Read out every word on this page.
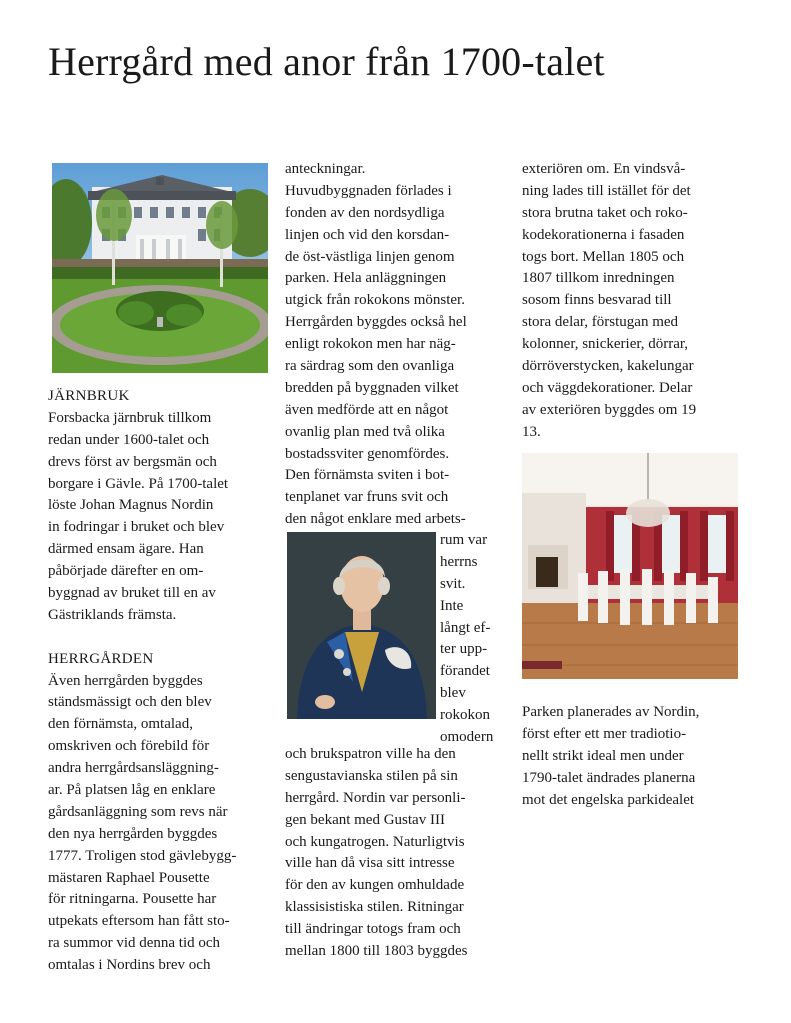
Herrgård med anor från 1700-talet
JÄRNBRUK
Forsbacka järnbruk tillkom
redan under 1600-talet och
drevs först av bergsmän och
borgare i Gävle. På 1700-talet
löste Johan Magnus Nordin
in fodringar i bruket och blev
därmed ensam ägare. Han
påbörjade därefter en om-
byggnad av bruket till en av
Gästriklands främsta.
HERRGÅRDEN
Även herrgården byggdes
ständsmässigt och den blev
den förnämsta, omtalad,
omskriven och förebild för
andra herrgårdsansläggning-
ar. På platsen låg en enklare
gårdsanläggning som revs när
den nya herrgården byggdes
1777. Troligen stod gävlebygg-
mästaren Raphael Pousette
för ritningarna. Pousette har
utpekats eftersom han fått sto-
ra summor vid denna tid och
omtalas i Nordins brev och
anteckningar.
Huvudbyggnaden förlades i
fonden av den nordsydliga
linjen och vid den korsdan-
de öst-västliga linjen genom
parken. Hela anläggningen
utgick från rokokons mönster.
Herrgården byggdes också hel
enligt rokokon men har näg-
ra särdrag som den ovanliga
bredden på byggnaden vilket
även medförde att en något
ovanlig plan med två olika
bostadssviter genomfördes.
Den förnämsta sviten i bot-
tenplanet var fruns svit och
den något enklare med arbets-
rum var
herrns
svit.
Inte
långt ef-
ter upp-
förandet
blev
rokokon
omodern
och brukspatron ville ha den
sengustavianska stilen på sin
herrgård. Nordin var personli-
gen bekant med Gustav III
och kungatrogen. Naturligtvis
ville han då visa sitt intresse
för den av kungen omhuldade
klassisistiska stilen. Ritningar
till ändringar totogs fram och
mellan 1800 till 1803 byggdes
exteriören om. En vindsvå-
ning lades till istället för det
stora brutna taket och roko-
kodekorationerna i fasaden
togs bort. Mellan 1805 och
1807 tillkom inredningen
sosom finns besvarad till
stora delar, förstugan med
kolonner, snickerier, dörrar,
dörröverstycken, kakelungar
och väggdekorationer. Delar
av exteriören byggdes om 19
13.
Parken planerades av Nordin,
först efter ett mer tradiotio-
nellt strikt ideal men under
1790-talet ändrades planerna
mot det engelska parkidealet
